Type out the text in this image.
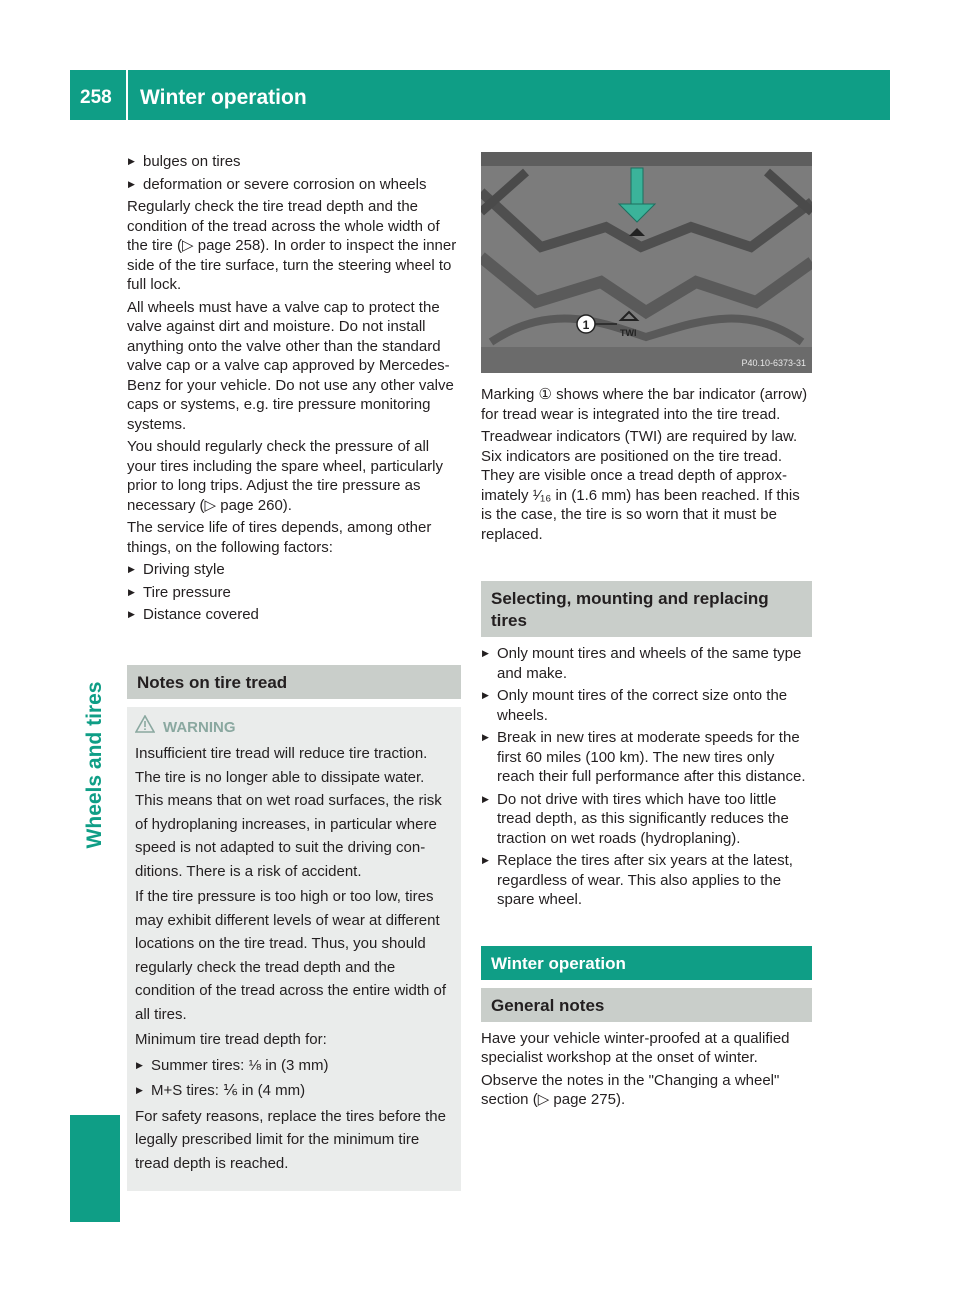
258 Winter operation
Wheels and tires
▶ bulges on tires
▶ deformation or severe corrosion on wheels

Regularly check the tire tread depth and the condition of the tread across the whole width of the tire (▷ page 258). In order to inspect the inner side of the tire surface, turn the steering wheel to full lock.

All wheels must have a valve cap to protect the valve against dirt and moisture. Do not install anything onto the valve other than the standard valve cap or a valve cap approved by Mercedes-Benz for your vehicle. Do not use any other valve caps or systems, e.g. tire pressure monitoring systems.

You should regularly check the pressure of all your tires including the spare wheel, particularly prior to long trips. Adjust the tire pressure as necessary (▷ page 260).

The service life of tires depends, among other things, on the following factors:

▶ Driving style
▶ Tire pressure
▶ Distance covered
Notes on tire tread
WARNING

Insufficient tire tread will reduce tire traction. The tire is no longer able to dissipate water. This means that on wet road surfaces, the risk of hydroplaning increases, in particular where speed is not adapted to suit the driving conditions. There is a risk of accident.

If the tire pressure is too high or too low, tires may exhibit different levels of wear at different locations on the tire tread. Thus, you should regularly check the tread depth and the condition of the tread across the entire width of all tires.

Minimum tire tread depth for:

▶ Summer tires: ⅛ in (3 mm)
▶ M+S tires: ⅙ in (4 mm)

For safety reasons, replace the tires before the legally prescribed limit for the minimum tire tread depth is reached.

1
TWI
P40.10-6373-31

Marking ① shows where the bar indicator (arrow) for tread wear is integrated into the tire tread.

Treadwear indicators (TWI) are required by law. Six indicators are positioned on the tire tread. They are visible once a tread depth of approximately ¹⁄₁₆ in (1.6 mm) has been reached. If this is the case, the tire is so worn that it must be replaced.

Selecting, mounting and replacing tires
▶ Only mount tires and wheels of the same type and make.
▶ Only mount tires of the correct size onto the wheels.
▶ Break in new tires at moderate speeds for the first 60 miles (100 km). The new tires only reach their full performance after this distance.
▶ Do not drive with tires which have too little tread depth, as this significantly reduces the traction on wet roads (hydroplaning).
▶ Replace the tires after six years at the latest, regardless of wear. This also applies to the spare wheel.
Winter operation
General notes

Have your vehicle winter-proofed at a qualified specialist workshop at the onset of winter.

Observe the notes in the "Changing a wheel" section (▷ page 275).
